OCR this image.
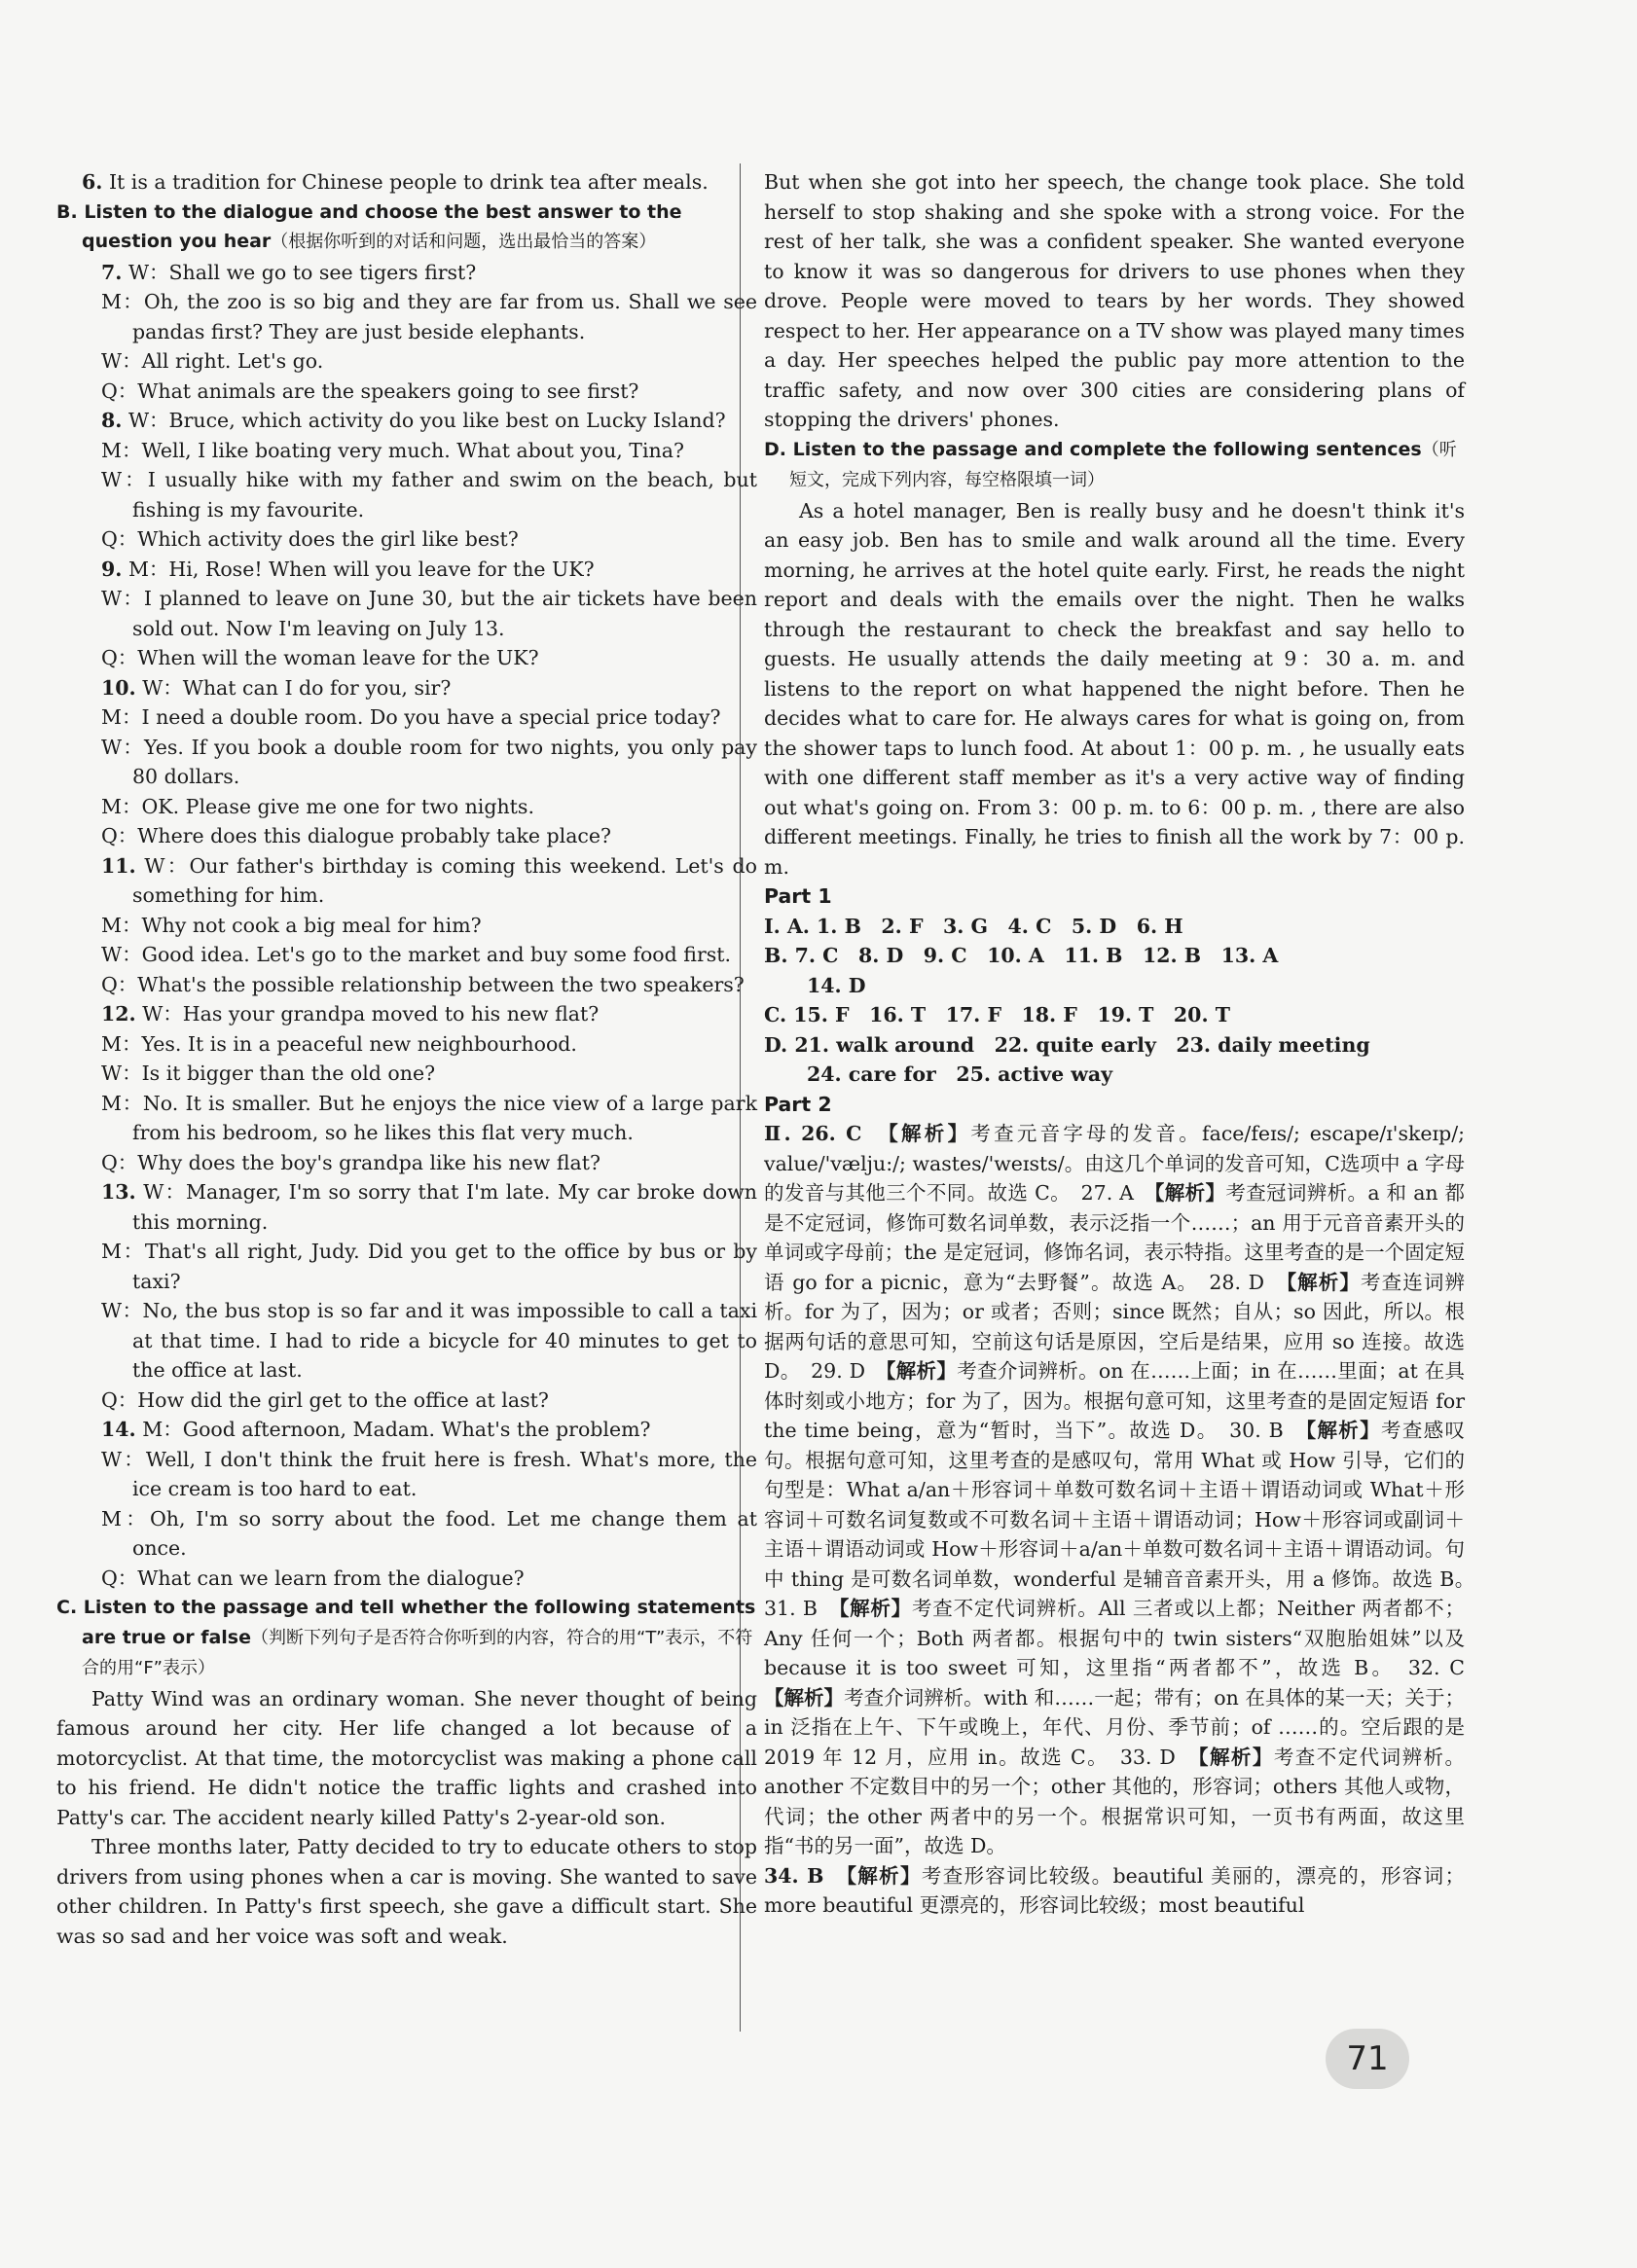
6. It is a tradition for Chinese people to drink tea after meals.

B. Listen to the dialogue and choose the best answer to the question you hear（根据你听到的对话和问题，选出最恰当的答案）

7. W：Shall we go to see tigers first?

M：Oh, the zoo is so big and they are far from us. Shall we see pandas first? They are just beside elephants.

W：All right. Let's go.

Q：What animals are the speakers going to see first?

8. W：Bruce, which activity do you like best on Lucky Island?

M：Well, I like boating very much. What about you, Tina?

W：I usually hike with my father and swim on the beach, but fishing is my favourite.

Q：Which activity does the girl like best?

9. M：Hi, Rose! When will you leave for the UK?

W：I planned to leave on June 30, but the air tickets have been sold out. Now I'm leaving on July 13.

Q：When will the woman leave for the UK?

10. W：What can I do for you, sir?

M：I need a double room. Do you have a special price today?

W：Yes. If you book a double room for two nights, you only pay 80 dollars.

M：OK. Please give me one for two nights.

Q：Where does this dialogue probably take place?

11. W：Our father's birthday is coming this weekend. Let's do something for him.

M：Why not cook a big meal for him?

W：Good idea. Let's go to the market and buy some food first.

Q：What's the possible relationship between the two speakers?

12. W：Has your grandpa moved to his new flat?

M：Yes. It is in a peaceful new neighbourhood.

W：Is it bigger than the old one?

M：No. It is smaller. But he enjoys the nice view of a large park from his bedroom, so he likes this flat very much.

Q：Why does the boy's grandpa like his new flat?

13. W：Manager, I'm so sorry that I'm late. My car broke down this morning.

M：That's all right, Judy. Did you get to the office by bus or by taxi?

W：No, the bus stop is so far and it was impossible to call a taxi at that time. I had to ride a bicycle for 40 minutes to get to the office at last.

Q：How did the girl get to the office at last?

14. M：Good afternoon, Madam. What's the problem?

W：Well, I don't think the fruit here is fresh. What's more, the ice cream is too hard to eat.

M：Oh, I'm so sorry about the food. Let me change them at once.

Q：What can we learn from the dialogue?

C. Listen to the passage and tell whether the following statements are true or false（判断下列句子是否符合你听到的内容，符合的用“T”表示，不符合的用“F”表示）

Patty Wind was an ordinary woman. She never thought of being famous around her city. Her life changed a lot because of a motorcyclist. At that time, the motorcyclist was making a phone call to his friend. He didn't notice the traffic lights and crashed into Patty's car. The accident nearly killed Patty's 2-year-old son.

Three months later, Patty decided to try to educate others to stop drivers from using phones when a car is moving. She wanted to save other children. In Patty's first speech, she gave a difficult start. She was so sad and her voice was soft and weak.

But when she got into her speech, the change took place. She told herself to stop shaking and she spoke with a strong voice. For the rest of her talk, she was a confident speaker. She wanted everyone to know it was so dangerous for drivers to use phones when they drove. People were moved to tears by her words. They showed respect to her. Her appearance on a TV show was played many times a day. Her speeches helped the public pay more attention to the traffic safety, and now over 300 cities are considering plans of stopping the drivers' phones.

D. Listen to the passage and complete the following sentences（听短文，完成下列内容，每空格限填一词）

As a hotel manager, Ben is really busy and he doesn't think it's an easy job. Ben has to smile and walk around all the time. Every morning, he arrives at the hotel quite early. First, he reads the night report and deals with the emails over the night. Then he walks through the restaurant to check the breakfast and say hello to guests. He usually attends the daily meeting at 9：30 a. m. and listens to the report on what happened the night before. Then he decides what to care for. He always cares for what is going on, from the shower taps to lunch food. At about 1：00 p. m. , he usually eats with one different staff member as it's a very active way of finding out what's going on. From 3：00 p. m. to 6：00 p. m. , there are also different meetings. Finally, he tries to finish all the work by 7：00 p. m.

Part 1

Ⅰ. A. 1. B　2. F　3. G　4. C　5. D　6. H

B. 7. C　8. D　9. C　10. A　11. B　12. B　13. A

14. D

C. 15. F　16. T　17. F　18. F　19. T　20. T

D. 21. walk around　22. quite early　23. daily meeting

24. care for　25. active way

Part 2

Ⅱ. 26. C　【解析】考查元音字母的发音。face/feɪs/; escape/ɪ'skeɪp/; value/'vælju:/; wastes/'weɪsts/。由这几个单词的发音可知，C选项中 a 字母的发音与其他三个不同。故选 C。　27. A　【解析】考查冠词辨析。a 和 an 都是不定冠词，修饰可数名词单数，表示泛指一个……；an 用于元音音素开头的单词或字母前；the 是定冠词，修饰名词，表示特指。这里考查的是一个固定短语 go for a picnic，意为“去野餐”。故选 A。　28. D　【解析】考查连词辨析。for 为了，因为；or 或者；否则；since 既然；自从；so 因此，所以。根据两句话的意思可知，空前这句话是原因，空后是结果，应用 so 连接。故选 D。　29. D　【解析】考查介词辨析。on 在……上面；in 在……里面；at 在具体时刻或小地方；for 为了，因为。根据句意可知，这里考查的是固定短语 for the time being，意为“暂时，当下”。故选 D。　30. B　【解析】考查感叹句。根据句意可知，这里考查的是感叹句，常用 What 或 How 引导，它们的句型是：What a/an＋形容词＋单数可数名词＋主语＋谓语动词或 What＋形容词＋可数名词复数或不可数名词＋主语＋谓语动词；How＋形容词或副词＋主语＋谓语动词或 How＋形容词＋a/an＋单数可数名词＋主语＋谓语动词。句中 thing 是可数名词单数，wonderful 是辅音音素开头，用 a 修饰。故选 B。　31. B　【解析】考查不定代词辨析。All 三者或以上都；Neither 两者都不；Any 任何一个；Both 两者都。根据句中的 twin sisters“双胞胎姐妹”以及 because it is too sweet 可知，这里指“两者都不”，故选 B。　32. C　【解析】考查介词辨析。with 和……一起；带有；on 在具体的某一天；关于；in 泛指在上午、下午或晚上，年代、月份、季节前；of ……的。空后跟的是 2019 年 12 月，应用 in。故选 C。　33. D　【解析】考查不定代词辨析。another 不定数目中的另一个；other 其他的，形容词；others 其他人或物，代词；the other 两者中的另一个。根据常识可知，一页书有两面，故这里指“书的另一面”，故选 D。
34. B　【解析】考查形容词比较级。beautiful 美丽的，漂亮的，形容词；more beautiful 更漂亮的，形容词比较级；most beautiful

71
